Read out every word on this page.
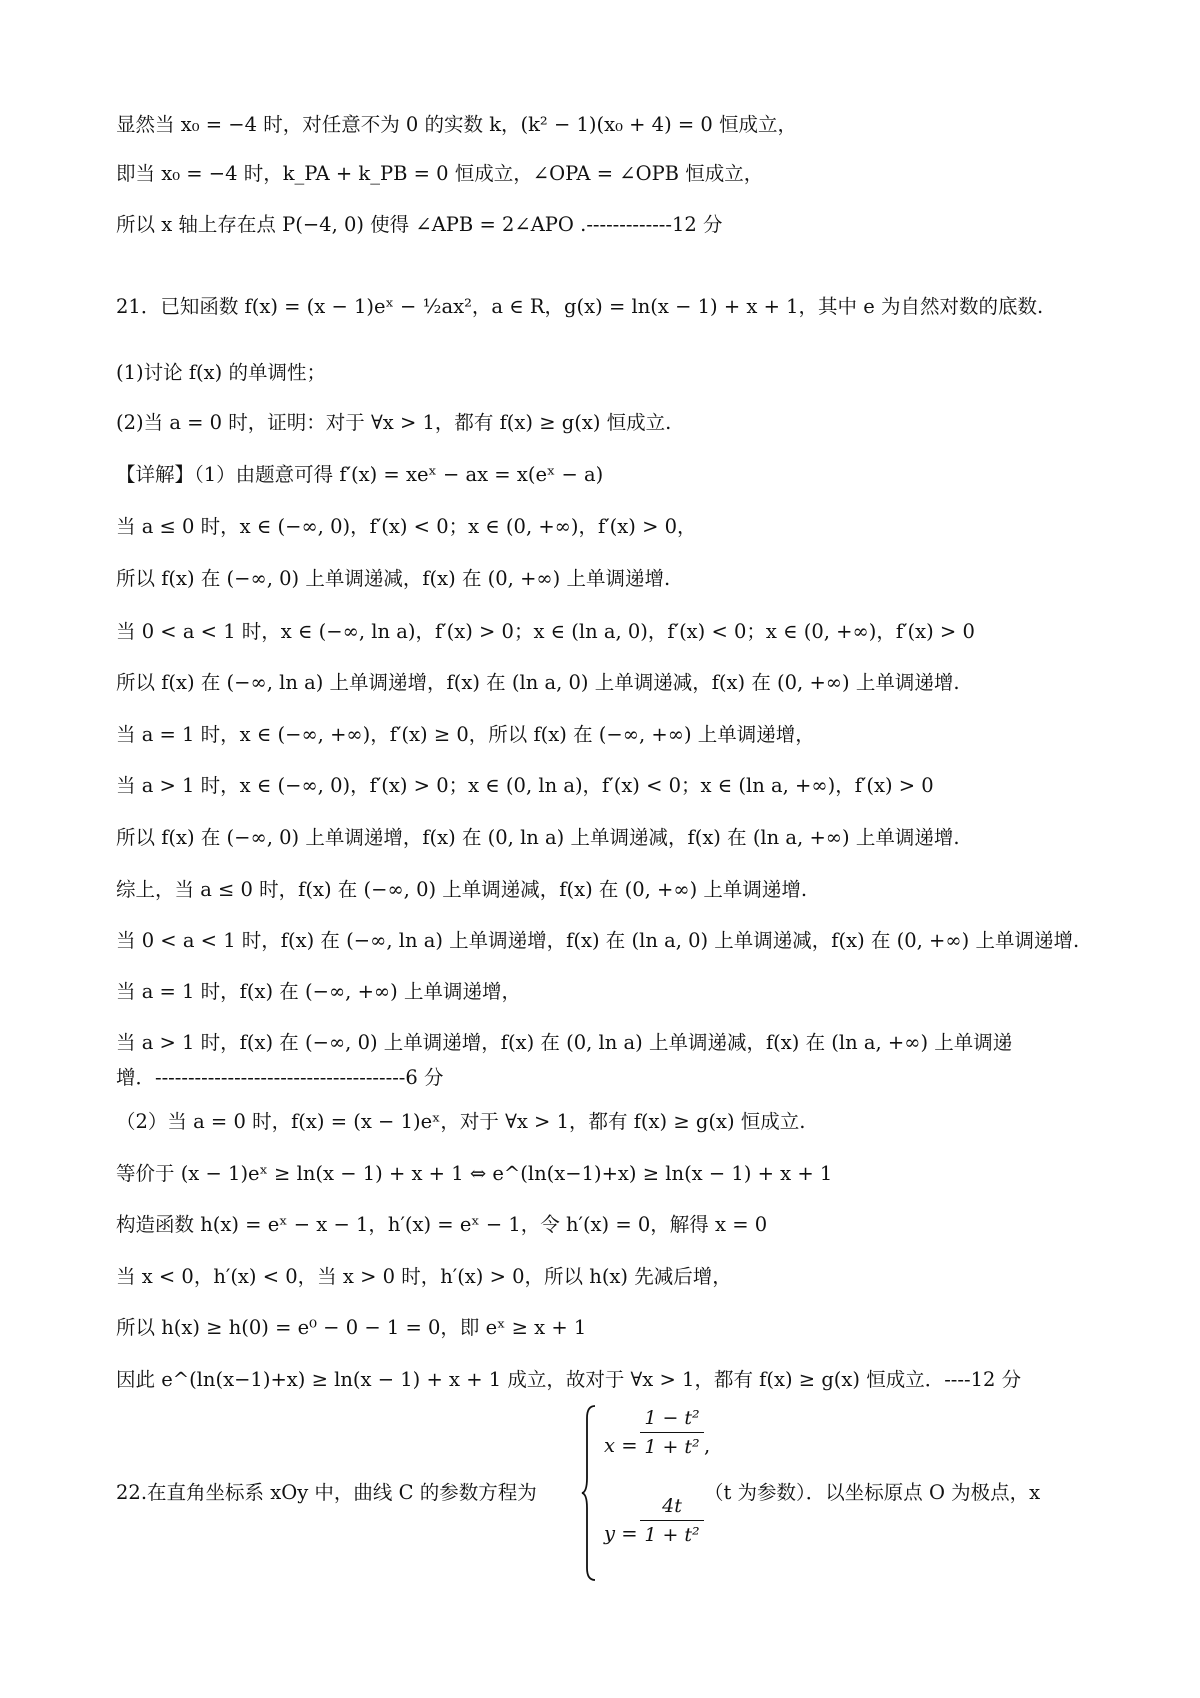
显然当 x₀ = −4 时，对任意不为 0 的实数 k，(k² − 1)(x₀ + 4) = 0 恒成立，
即当 x₀ = −4 时，k_PA + k_PB = 0 恒成立，∠OPA = ∠OPB 恒成立，
所以 x 轴上存在点 P(−4, 0) 使得 ∠APB = 2∠APO .-------------12 分
21．已知函数 f(x) = (x − 1)eˣ − ½ax²，a ∈ R，g(x) = ln(x − 1) + x + 1，其中 e 为自然对数的底数.
(1)讨论 f(x) 的单调性；
(2)当 a = 0 时，证明：对于 ∀x > 1，都有 f(x) ≥ g(x) 恒成立.
【详解】（1）由题意可得 f′(x) = xeˣ − ax = x(eˣ − a)
当 a ≤ 0 时，x ∈ (−∞, 0)，f′(x) < 0；x ∈ (0, +∞)，f′(x) > 0，
所以 f(x) 在 (−∞, 0) 上单调递减，f(x) 在 (0, +∞) 上单调递增.
当 0 < a < 1 时，x ∈ (−∞, ln a)，f′(x) > 0；x ∈ (ln a, 0)，f′(x) < 0；x ∈ (0, +∞)，f′(x) > 0
所以 f(x) 在 (−∞, ln a) 上单调递增，f(x) 在 (ln a, 0) 上单调递减，f(x) 在 (0, +∞) 上单调递增.
当 a = 1 时，x ∈ (−∞, +∞)，f′(x) ≥ 0，所以 f(x) 在 (−∞, +∞) 上单调递增，
当 a > 1 时，x ∈ (−∞, 0)，f′(x) > 0；x ∈ (0, ln a)，f′(x) < 0；x ∈ (ln a, +∞)，f′(x) > 0
所以 f(x) 在 (−∞, 0) 上单调递增，f(x) 在 (0, ln a) 上单调递减，f(x) 在 (ln a, +∞) 上单调递增.
综上，当 a ≤ 0 时，f(x) 在 (−∞, 0) 上单调递减，f(x) 在 (0, +∞) 上单调递增.
当 0 < a < 1 时，f(x) 在 (−∞, ln a) 上单调递增，f(x) 在 (ln a, 0) 上单调递减，f(x) 在 (0, +∞) 上单调递增.
当 a = 1 时，f(x) 在 (−∞, +∞) 上单调递增，
当 a > 1 时，f(x) 在 (−∞, 0) 上单调递增，f(x) 在 (0, ln a) 上单调递减，f(x) 在 (ln a, +∞) 上单调递
增．--------------------------------------6 分
（2）当 a = 0 时，f(x) = (x − 1)eˣ，对于 ∀x > 1，都有 f(x) ≥ g(x) 恒成立.
等价于 (x − 1)eˣ ≥ ln(x − 1) + x + 1 ⇔ e^(ln(x−1)+x) ≥ ln(x − 1) + x + 1
构造函数 h(x) = eˣ − x − 1，h′(x) = eˣ − 1，令 h′(x) = 0，解得 x = 0
当 x < 0，h′(x) < 0，当 x > 0 时，h′(x) > 0，所以 h(x) 先减后增，
所以 h(x) ≥ h(0) = e⁰ − 0 − 1 = 0，即 eˣ ≥ x + 1
因此 e^(ln(x−1)+x) ≥ ln(x − 1) + x + 1 成立，故对于 ∀x > 1，都有 f(x) ≥ g(x) 恒成立．----12 分
22.在直角坐标系 xOy 中，曲线 C 的参数方程为
x =
1 − t²
1 + t² ,
y =
4t
1 + t²
（t 为参数）．以坐标原点 O 为极点，x
